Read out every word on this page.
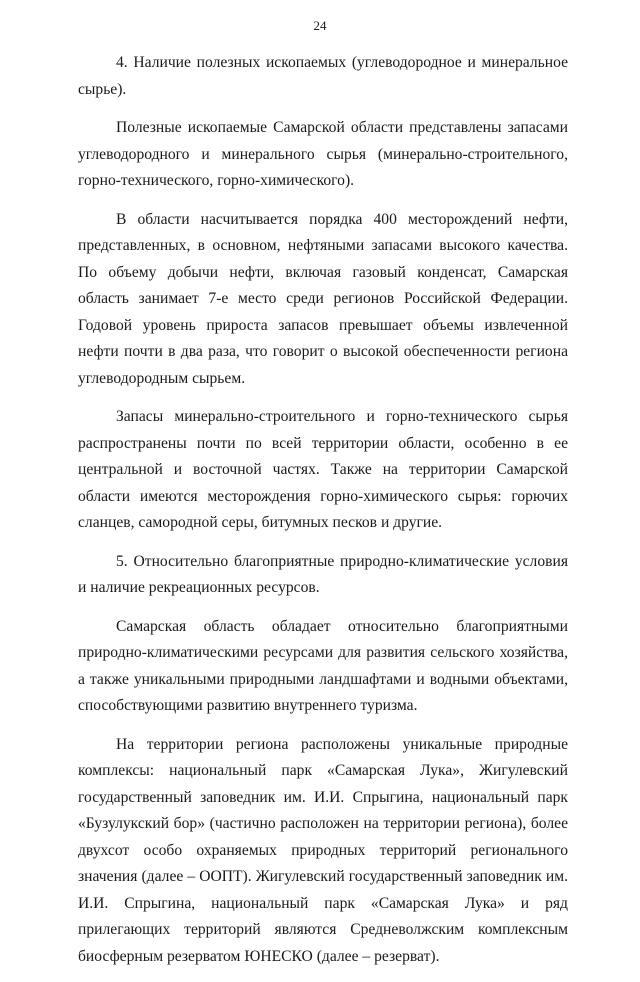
24

4. Наличие полезных ископаемых (углеводородное и минеральное сырье).

Полезные ископаемые Самарской области представлены запасами углеводородного и минерального сырья (минерально-строительного, горно-технического, горно-химического).

В области насчитывается порядка 400 месторождений нефти, представленных, в основном, нефтяными запасами высокого качества. По объему добычи нефти, включая газовый конденсат, Самарская область занимает 7-е место среди регионов Российской Федерации. Годовой уровень прироста запасов превышает объемы извлеченной нефти почти в два раза, что говорит о высокой обеспеченности региона углеводородным сырьем.

Запасы минерально-строительного и горно-технического сырья распространены почти по всей территории области, особенно в ее центральной и восточной частях. Также на территории Самарской области имеются месторождения горно-химического сырья: горючих сланцев, самородной серы, битумных песков и другие.

5. Относительно благоприятные природно-климатические условия и наличие рекреационных ресурсов.

Самарская область обладает относительно благоприятными природно-климатическими ресурсами для развития сельского хозяйства, а также уникальными природными ландшафтами и водными объектами, способствующими развитию внутреннего туризма.

На территории региона расположены уникальные природные комплексы: национальный парк «Самарская Лука», Жигулевский государственный заповедник им. И.И. Спрыгина, национальный парк «Бузулукский бор» (частично расположен на территории региона), более двухсот особо охраняемых природных территорий регионального значения (далее – ООПТ). Жигулевский государственный заповедник им. И.И. Спрыгина, национальный парк «Самарская Лука» и ряд прилегающих территорий являются Средневолжским комплексным биосферным резерватом ЮНЕСКО (далее – резерват).
